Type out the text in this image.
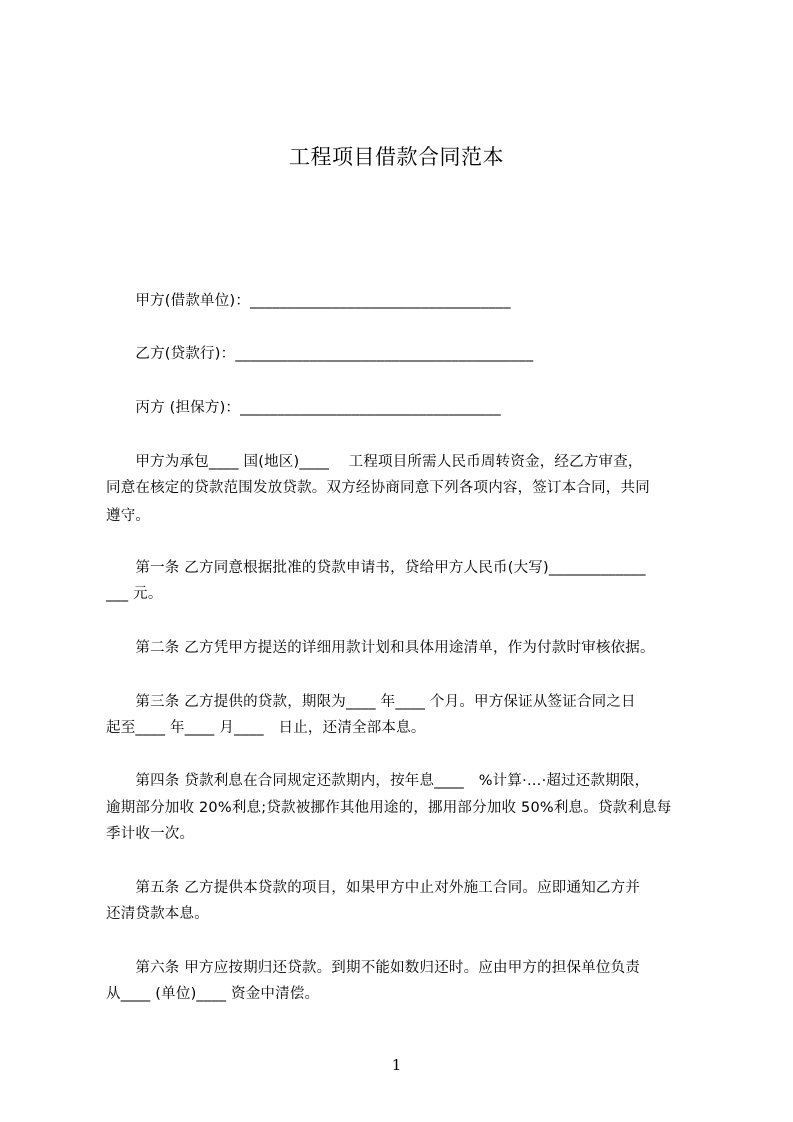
工程项目借款合同范本
　　甲方(借款单位)：___________________________________
　　乙方(贷款行)：________________________________________
　　丙方 (担保方)：___________________________________
　　甲方为承包____ 国(地区)____　 工程项目所需人民币周转资金，经乙方审查，
同意在核定的贷款范围发放贷款。双方经协商同意下列各项内容，签订本合同，共同
遵守。
　　第一条 乙方同意根据批准的贷款申请书，贷给甲方人民币(大写)_____________
___ 元。
　　第二条 乙方凭甲方提送的详细用款计划和具体用途清单，作为付款时审核依据。
　　第三条 乙方提供的贷款，期限为____ 年____ 个月。甲方保证从签证合同之日
起至____ 年____ 月____　日止，还清全部本息。
　　第四条 贷款利息在合同规定还款期内，按年息____　%计算·…·超过还款期限，
逾期部分加收 20%利息;贷款被挪作其他用途的，挪用部分加收 50%利息。贷款利息每
季计收一次。
　　第五条 乙方提供本贷款的项目，如果甲方中止对外施工合同。应即通知乙方并
还清贷款本息。
　　第六条 甲方应按期归还贷款。到期不能如数归还时。应由甲方的担保单位负责
从____ (单位)____ 资金中清偿。
1
